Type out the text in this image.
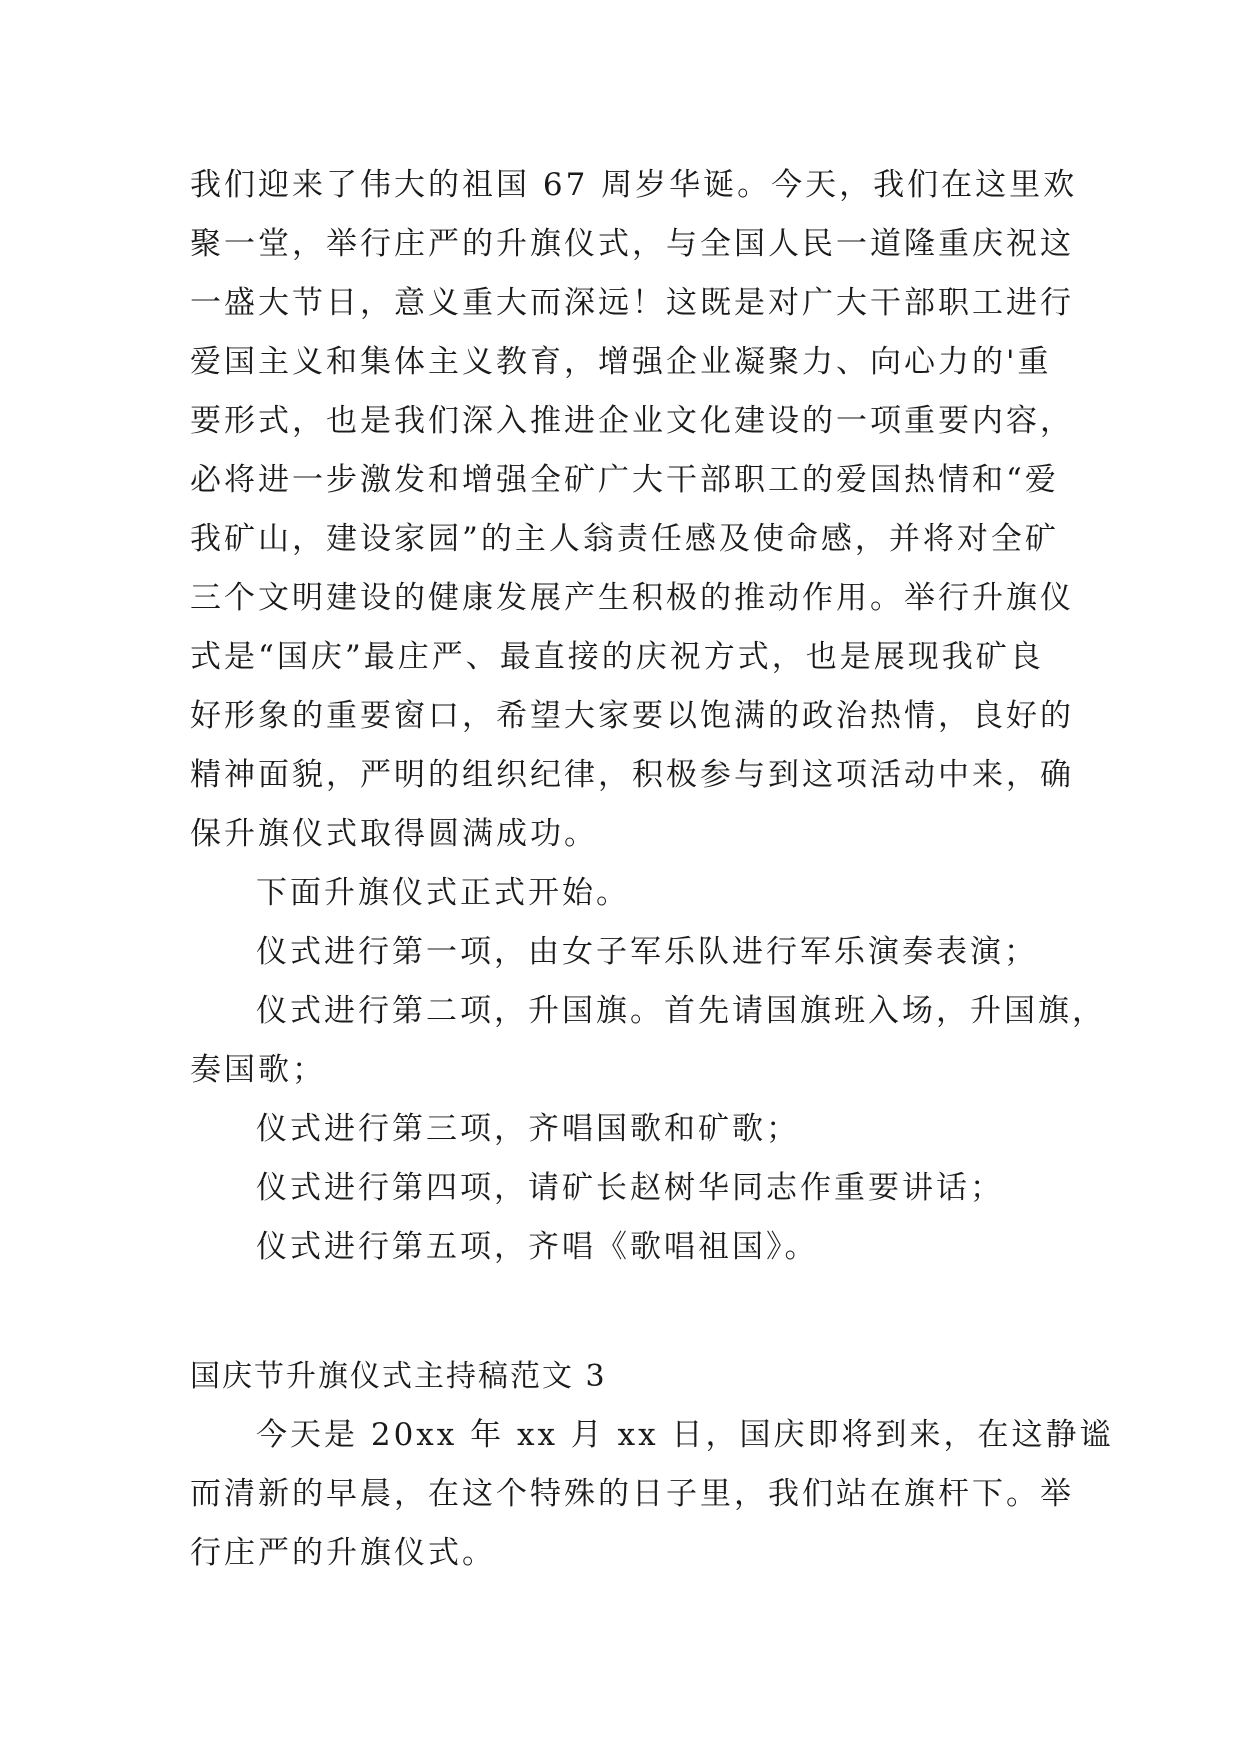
我们迎来了伟大的祖国 67 周岁华诞。今天，我们在这里欢
聚一堂，举行庄严的升旗仪式，与全国人民一道隆重庆祝这
一盛大节日，意义重大而深远！这既是对广大干部职工进行
爱国主义和集体主义教育，增强企业凝聚力、向心力的'重
要形式，也是我们深入推进企业文化建设的一项重要内容，
必将进一步激发和增强全矿广大干部职工的爱国热情和“爱
我矿山，建设家园”的主人翁责任感及使命感，并将对全矿
三个文明建设的健康发展产生积极的推动作用。举行升旗仪
式是“国庆”最庄严、最直接的庆祝方式，也是展现我矿良
好形象的重要窗口，希望大家要以饱满的政治热情，良好的
精神面貌，严明的组织纪律，积极参与到这项活动中来，确
保升旗仪式取得圆满成功。
下面升旗仪式正式开始。
仪式进行第一项，由女子军乐队进行军乐演奏表演；
仪式进行第二项，升国旗。首先请国旗班入场，升国旗，
奏国歌；
仪式进行第三项，齐唱国歌和矿歌；
仪式进行第四项，请矿长赵树华同志作重要讲话；
仪式进行第五项，齐唱《歌唱祖国》。
国庆节升旗仪式主持稿范文 3
今天是 20xx 年 xx 月 xx 日，国庆即将到来，在这静谧
而清新的早晨，在这个特殊的日子里，我们站在旗杆下。举
行庄严的升旗仪式。
